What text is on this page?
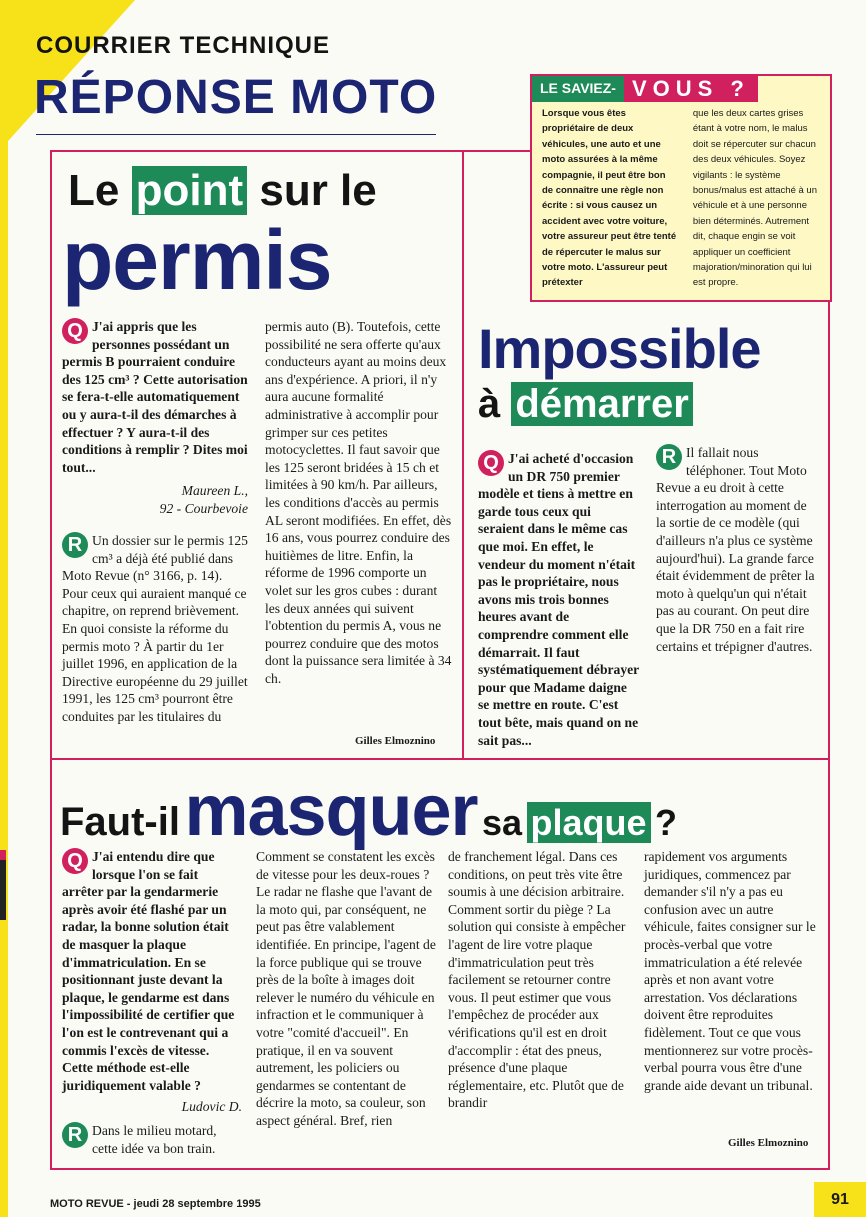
COURRIER TECHNIQUE
RÉPONSE MOTO	LE SAVIEZ- VOUS ?

Lorsque vous êtes propriétaire de deux véhicules, une auto et une moto assurées à la même compagnie, il peut être bon de connaître une règle non écrite : si vous causez un accident avec votre voiture, votre assureur peut être tenté de répercuter le malus sur votre moto. L'assureur peut prétexter

que les deux cartes grises étant à votre nom, le malus doit se répercuter sur chacun des deux véhicules. Soyez vigilants : le système bonus/malus est attaché à un véhicule et à une personne bien déterminés. Autrement dit, chaque engin se voit appliquer un coefficient majoration/minoration qui lui est propre.

Le point sur le
permis
Q J'ai appris que les personnes possédant un permis B pourraient conduire des 125 cm³ ? Cette autorisation se fera-t-elle automatiquement ou y aura-t-il des démarches à effectuer ? Y aura-t-il des conditions à remplir ? Dites moi tout...

Maureen L.,

92 - Courbevoie

R Un dossier sur le permis 125 cm³ a déjà été publié dans Moto Revue (n° 3166, p. 14). Pour ceux qui auraient manqué ce chapitre, on reprend brièvement. En quoi consiste la réforme du permis moto ? À partir du 1er juillet 1996, en application de la Directive européenne du 29 juillet 1991, les 125 cm³ pourront être conduites par les titulaires du

permis auto (B). Toutefois, cette possibilité ne sera offerte qu'aux conducteurs ayant au moins deux ans d'expérience. A priori, il n'y aura aucune formalité administrative à accomplir pour grimper sur ces petites motocyclettes. Il faut savoir que les 125 seront bridées à 15 ch et limitées à 90 km/h. Par ailleurs, les conditions d'accès au permis AL seront modifiées. En effet, dès 16 ans, vous pourrez conduire des huitièmes de litre. Enfin, la réforme de 1996 comporte un volet sur les gros cubes : durant les deux années qui suivent l'obtention du permis A, vous ne pourrez conduire que des motos dont la puissance sera limitée à 34 ch.

Gilles Elmoznino
Impossible
à démarrer
Q J'ai acheté d'occasion un DR 750 premier modèle et tiens à mettre en garde tous ceux qui seraient dans le même cas que moi. En effet, le vendeur du moment n'était pas le propriétaire, nous avons mis trois bonnes heures avant de comprendre comment elle démarrait. Il faut systématiquement débrayer pour que Madame daigne se mettre en route. C'est tout bête, mais quand on ne sait pas...

R Il fallait nous téléphoner. Tout Moto Revue a eu droit à cette interrogation au moment de la sortie de ce modèle (qui d'ailleurs n'a plus ce système aujourd'hui). La grande farce était évidemment de prêter la moto à quelqu'un qui n'était pas au courant. On peut dire que la DR 750 en a fait rire certains et trépigner d'autres.

Faut-il masquer sa plaque ?
Q J'ai entendu dire que lorsque l'on se fait arrêter par la gendarmerie après avoir été flashé par un radar, la bonne solution était de masquer la plaque d'immatriculation. En se positionnant juste devant la plaque, le gendarme est dans l'impossibilité de certifier que l'on est le contrevenant qui a commis l'excès de vitesse. Cette méthode est-elle juridiquement valable ?

Ludovic D.

R Dans le milieu motard, cette idée va bon train.

Comment se constatent les excès de vitesse pour les deux-roues ? Le radar ne flashe que l'avant de la moto qui, par conséquent, ne peut pas être valablement identifiée. En principe, l'agent de la force publique qui se trouve près de la boîte à images doit relever le numéro du véhicule en infraction et le communiquer à votre "comité d'accueil". En pratique, il en va souvent autrement, les policiers ou gendarmes se contentant de décrire la moto, sa couleur, son aspect général. Bref, rien

de franchement légal. Dans ces conditions, on peut très vite être soumis à une décision arbitraire. Comment sortir du piège ? La solution qui consiste à empêcher l'agent de lire votre plaque d'immatriculation peut très facilement se retourner contre vous. Il peut estimer que vous l'empêchez de procéder aux vérifications qu'il est en droit d'accomplir : état des pneus, présence d'une plaque réglementaire, etc. Plutôt que de brandir

rapidement vos arguments juridiques, commencez par demander s'il n'y a pas eu confusion avec un autre véhicule, faites consigner sur le procès-verbal que votre immatriculation a été relevée après et non avant votre arrestation. Vos déclarations doivent être reproduites fidèlement. Tout ce que vous mentionnerez sur votre procès-verbal pourra vous être d'une grande aide devant un tribunal.

Gilles Elmoznino
MOTO REVUE - jeudi 28 septembre 1995	91
